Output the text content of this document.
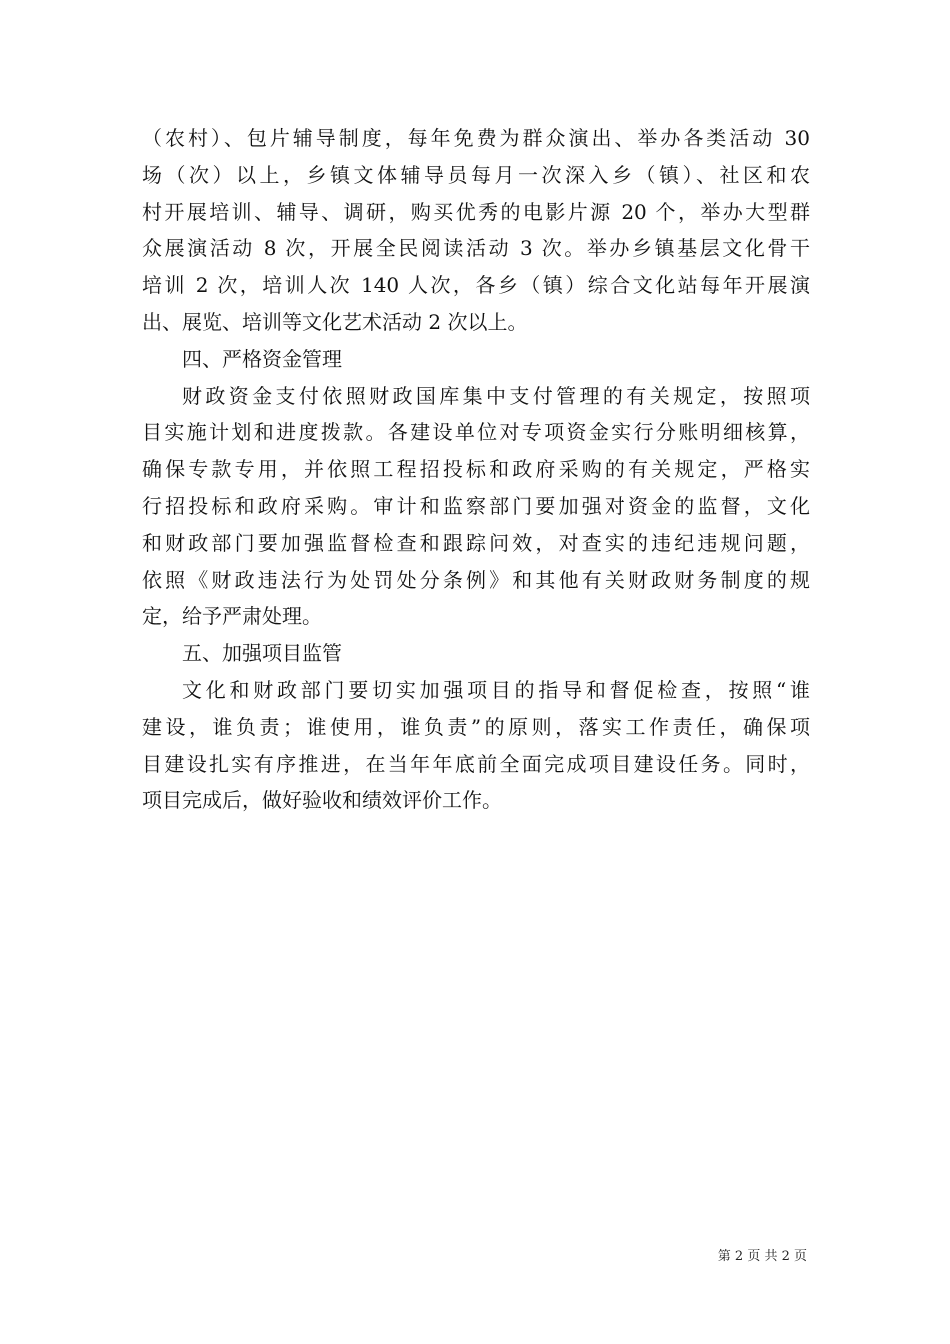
（农村）、包片辅导制度，每年免费为群众演出、举办各类活动 30
场（次）以上，乡镇文体辅导员每月一次深入乡（镇）、社区和农
村开展培训、辅导、调研，购买优秀的电影片源 20 个，举办大型群
众展演活动 8 次，开展全民阅读活动 3 次。举办乡镇基层文化骨干
培训 2 次，培训人次 140 人次，各乡（镇）综合文化站每年开展演
出、展览、培训等文化艺术活动 2 次以上。
四、严格资金管理
财政资金支付依照财政国库集中支付管理的有关规定，按照项
目实施计划和进度拨款。各建设单位对专项资金实行分账明细核算，
确保专款专用，并依照工程招投标和政府采购的有关规定，严格实
行招投标和政府采购。审计和监察部门要加强对资金的监督，文化
和财政部门要加强监督检查和跟踪问效，对查实的违纪违规问题，
依照《财政违法行为处罚处分条例》和其他有关财政财务制度的规
定，给予严肃处理。
五、加强项目监管
文化和财政部门要切实加强项目的指导和督促检查，按照“谁
建设，谁负责；谁使用，谁负责”的原则，落实工作责任，确保项
目建设扎实有序推进，在当年年底前全面完成项目建设任务。同时，
项目完成后，做好验收和绩效评价工作。
第 2 页 共 2 页
